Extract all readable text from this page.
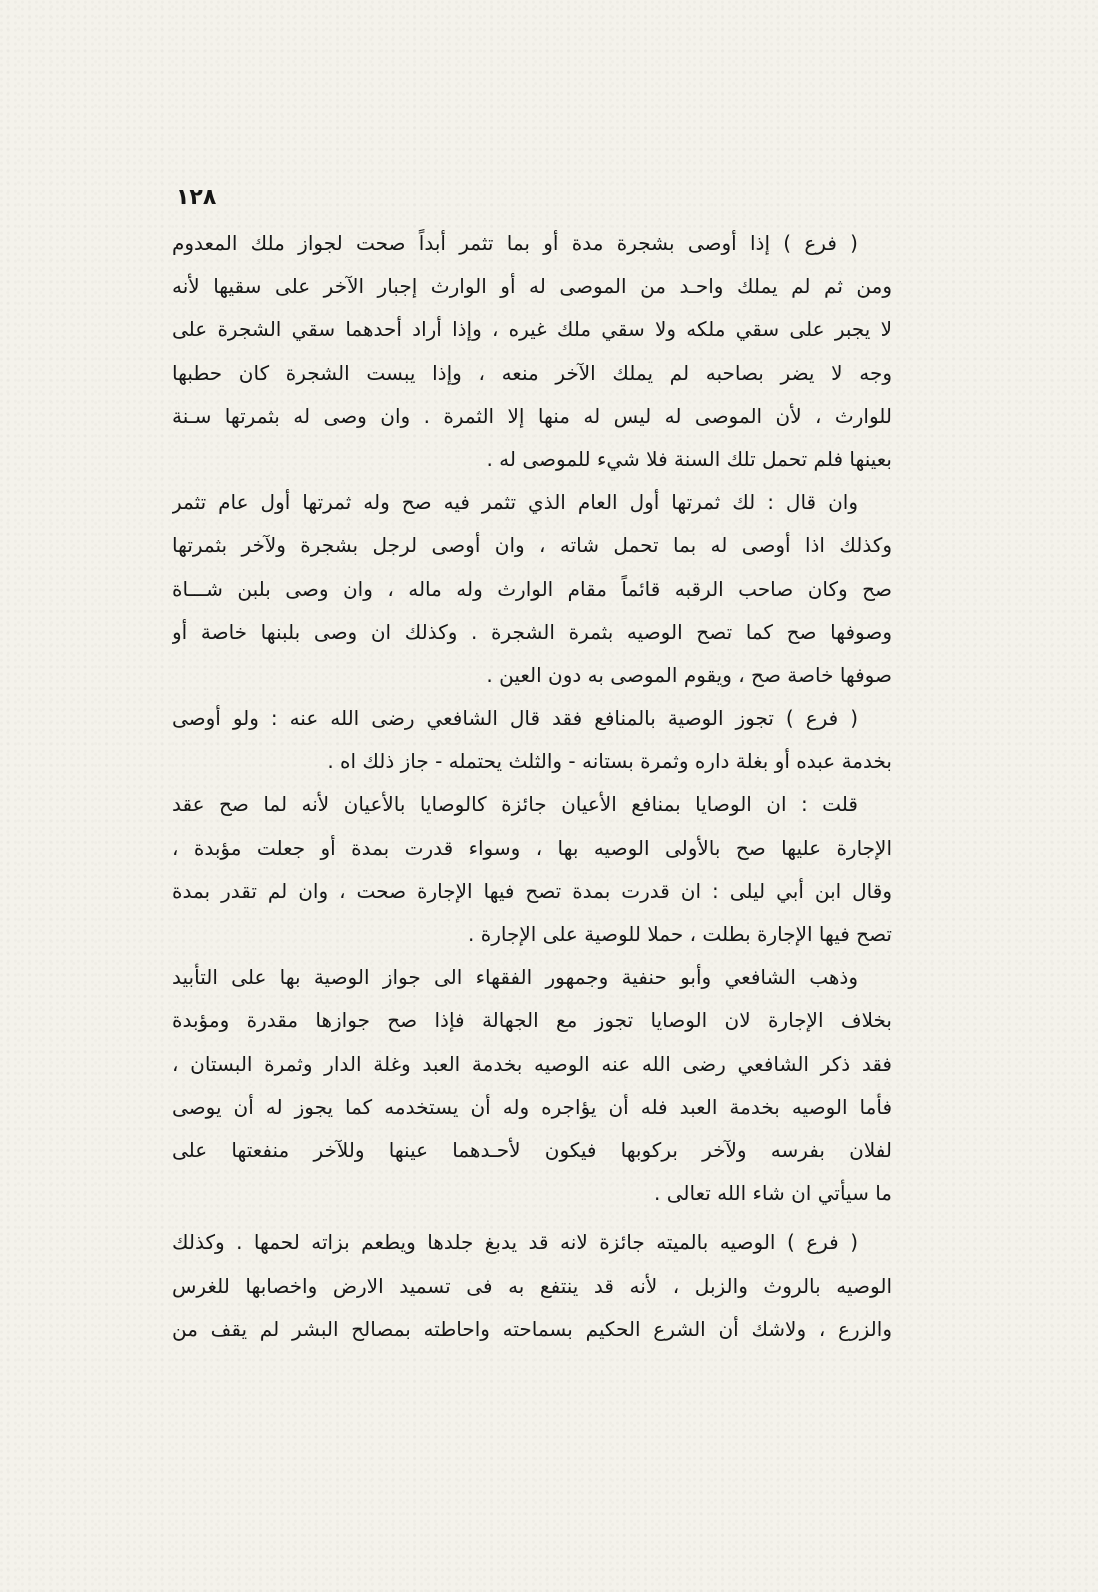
١٢٨

( فرع ) إذا أوصى بشجرة مدة أو بما تثمر أبداً صحت لجواز ملك المعدوم
ومن ثم لم يملك واحـد من الموصى له أو الوارث إجبار الآخر على سقيها لأنه
لا يجبر على سقي ملكه ولا سقي ملك غيره ، وإذا أراد أحدهما سقي الشجرة على
وجه لا يضر بصاحبه لم يملك الآخر منعه ، وإذا يبست الشجرة كان حطبها
للوارث ، لأن الموصى له ليس له منها إلا الثمرة . وان وصى له بثمرتها سـنة
بعينها فلم تحمل تلك السنة فلا شيء للموصى له .

وان قال : لك ثمرتها أول العام الذي تثمر فيه صح وله ثمرتها أول عام تثمر
وكذلك اذا أوصى له بما تحمل شاته ، وان أوصى لرجل بشجرة ولآخر بثمرتها
صح وكان صاحب الرقبه قائماً مقام الوارث وله ماله ، وان وصى بلبن شـــاة
وصوفها صح كما تصح الوصيه بثمرة الشجرة . وكذلك ان وصى بلبنها خاصة أو
صوفها خاصة صح ، ويقوم الموصى به دون العين .

( فرع ) تجوز الوصية بالمنافع فقد قال الشافعي رضى الله عنه : ولو أوصى
بخدمة عبده أو بغلة داره وثمرة بستانه - والثلث يحتمله - جاز ذلك اه .

قلت : ان الوصايا بمنافع الأعيان جائزة كالوصايا بالأعيان لأنه لما صح عقد
الإجارة عليها صح بالأولى الوصيه بها ، وسواء قدرت بمدة أو جعلت مؤبدة ،
وقال ابن أبي ليلى : ان قدرت بمدة تصح فيها الإجارة صحت ، وان لم تقدر بمدة
تصح فيها الإجارة بطلت ، حملا للوصية على الإجارة .

وذهب الشافعي وأبو حنفية وجمهور الفقهاء الى جواز الوصية بها على التأبيد
بخلاف الإجارة لان الوصايا تجوز مع الجهالة فإذا صح جوازها مقدرة ومؤبدة
فقد ذكر الشافعي رضى الله عنه الوصيه بخدمة العبد وغلة الدار وثمرة البستان ،
فأما الوصيه بخدمة العبد فله أن يؤاجره وله أن يستخدمه كما يجوز له أن يوصى
لفلان بفرسه ولآخر بركوبها فيكون لأحـدهما عينها وللآخر منفعتها على
ما سيأتي ان شاء الله تعالى .

( فرع ) الوصيه بالميته جائزة لانه قد يدبغ جلدها ويطعم بزاته لحمها . وكذلك
الوصيه بالروث والزبل ، لأنه قد ينتفع به فى تسميد الارض واخصابها للغرس
والزرع ، ولاشك أن الشرع الحكيم بسماحته واحاطته بمصالح البشر لم يقف من
